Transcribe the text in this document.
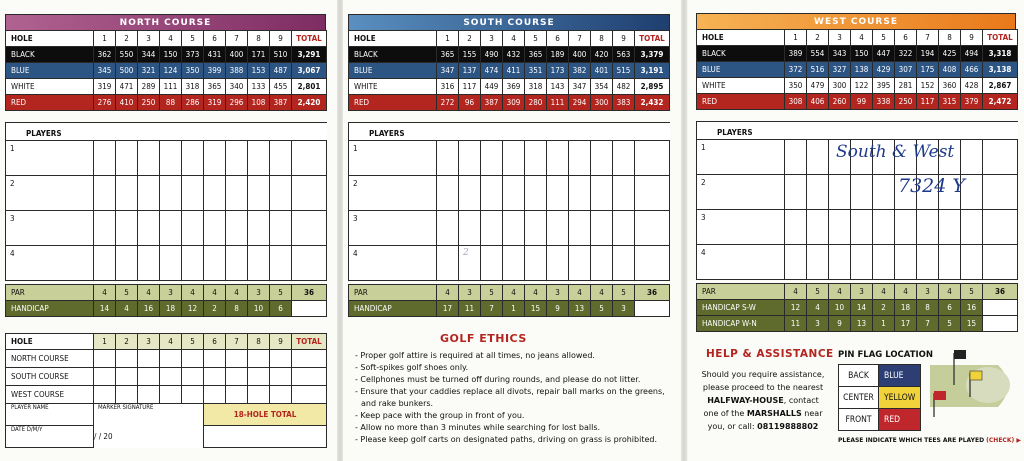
NORTH COURSE
HOLE	1	2	3	4	5	6	7	8	9	TOTAL
BLACK	362	550	344	150	373	431	400	171	510	3,291
BLUE	345	500	321	124	350	399	388	153	487	3,067
WHITE	319	471	289	111	318	365	340	133	455	2,801
RED	276	410	250	88	286	319	296	108	387	2,420
PLAYERS										
1										
2										
3										
4										
PAR	4	5	4	3	4	4	4	3	5	36
HANDICAP	14	4	16	18	12	2	8	10	6	
HOLE	1	2	3	4	5	6	7	8	9	TOTAL
NORTH COURSE										
SOUTH COURSE										
WEST COURSE										
PLAYER NAME	MARKER SIGNATURE					18-HOLE TOTAL				
DATE D/M/Y	/ / 20									
SOUTH COURSE
HOLE	1	2	3	4	5	6	7	8	9	TOTAL
BLACK	365	155	490	432	365	189	400	420	563	3,379
BLUE	347	137	474	411	351	173	382	401	515	3,191
WHITE	316	117	449	369	318	143	347	354	482	2,895
RED	272	96	387	309	280	111	294	300	383	2,432
PLAYERS										
1										
2										
3										
4											2
PAR	4	3	5	4	4	3	4	4	5	36
HANDICAP	17	11	7	1	15	9	13	5	3	
GOLF ETHICS
- Proper golf attire is required at all times, no jeans allowed.
- Soft-spikes golf shoes only.
- Cellphones must be turned off during rounds, and please do not litter.
- Ensure that your caddies replace all divots, repair ball marks on the greens,
and rake bunkers.
- Keep pace with the group in front of you.
- Allow no more than 3 minutes while searching for lost balls.
- Please keep golf carts on designated paths, driving on grass is prohibited.
WEST COURSE
HOLE	1	2	3	4	5	6	7	8	9	TOTAL
BLACK	389	554	343	150	447	322	194	425	494	3,318
BLUE	372	516	327	138	429	307	175	408	466	3,138
WHITE	350	479	300	122	395	281	152	360	428	2,867
RED	308	406	260	99	338	250	117	315	379	2,472
PLAYERS										
1										
2										
3										
4										
South & West
7324 Y
PAR	4	5	4	3	4	4	3	4	5	36
HANDICAP S-W	12	4	10	14	2	18	8	6	16	
HANDICAP W-N	11	3	9	13	1	17	7	5	15	
HELP & ASSISTANCE
Should you require assistance,
please proceed to the nearest
HALFWAY-HOUSE, contact
one of the MARSHALLS near
you, or call: 08119888802
PIN FLAG LOCATION
BACK	BLUE
CENTER	YELLOW
FRONT	RED
PLEASE INDICATE WHICH TEES ARE PLAYED (CHECK) ▶
